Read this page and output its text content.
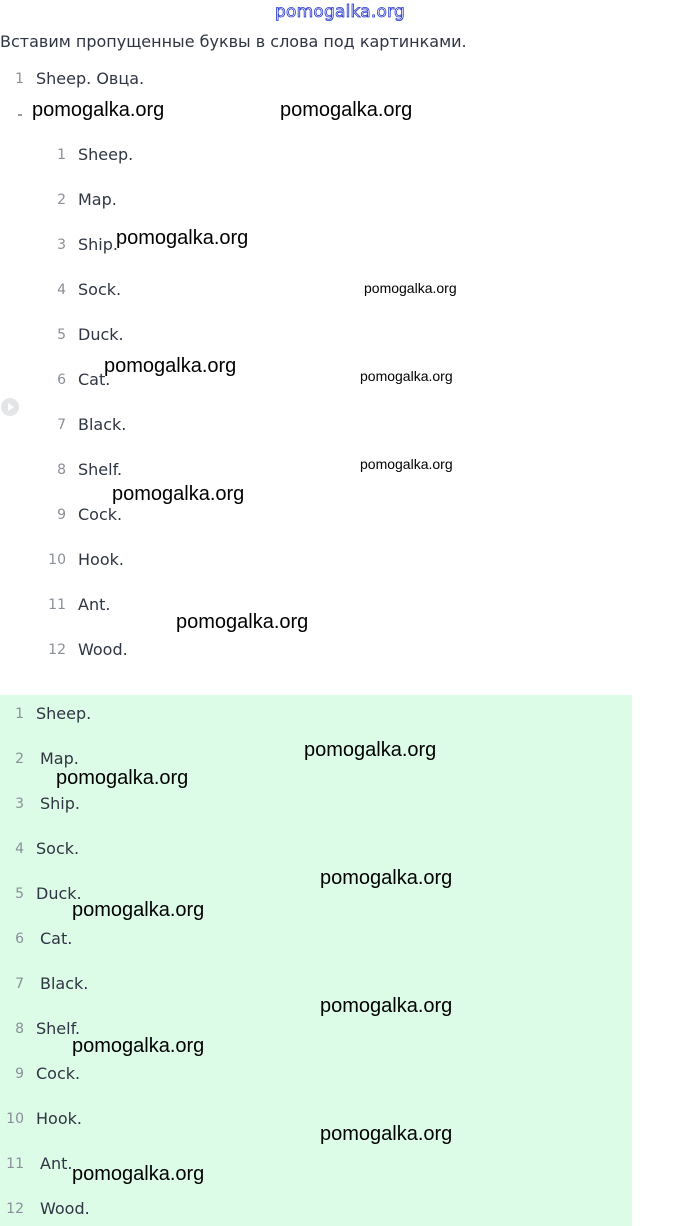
pomogalka.org
Вставим пропущенные буквы в слова под картинками.
1 Sheep. Овца.
1 Sheep.
2 Map.
3 Ship.
4 Sock.
5 Duck.
6 Cat.
7 Black.
8 Shelf.
9 Cock.
10 Hook.
11 Ant.
12 Wood.
1 Sheep.
2 Map.
3 Ship.
4 Sock.
5 Duck.
6 Cat.
7 Black.
8 Shelf.
9 Cock.
10 Hook.
11 Ant.
12 Wood.
pomogalka.org	pomogalka.org
pomogalka.org
pomogalka.org
pomogalka.org	pomogalka.org
pomogalka.org
pomogalka.org
pomogalka.org
pomogalka.org
pomogalka.org
pomogalka.org
pomogalka.org
pomogalka.org
pomogalka.org
pomogalka.org
pomogalka.org
